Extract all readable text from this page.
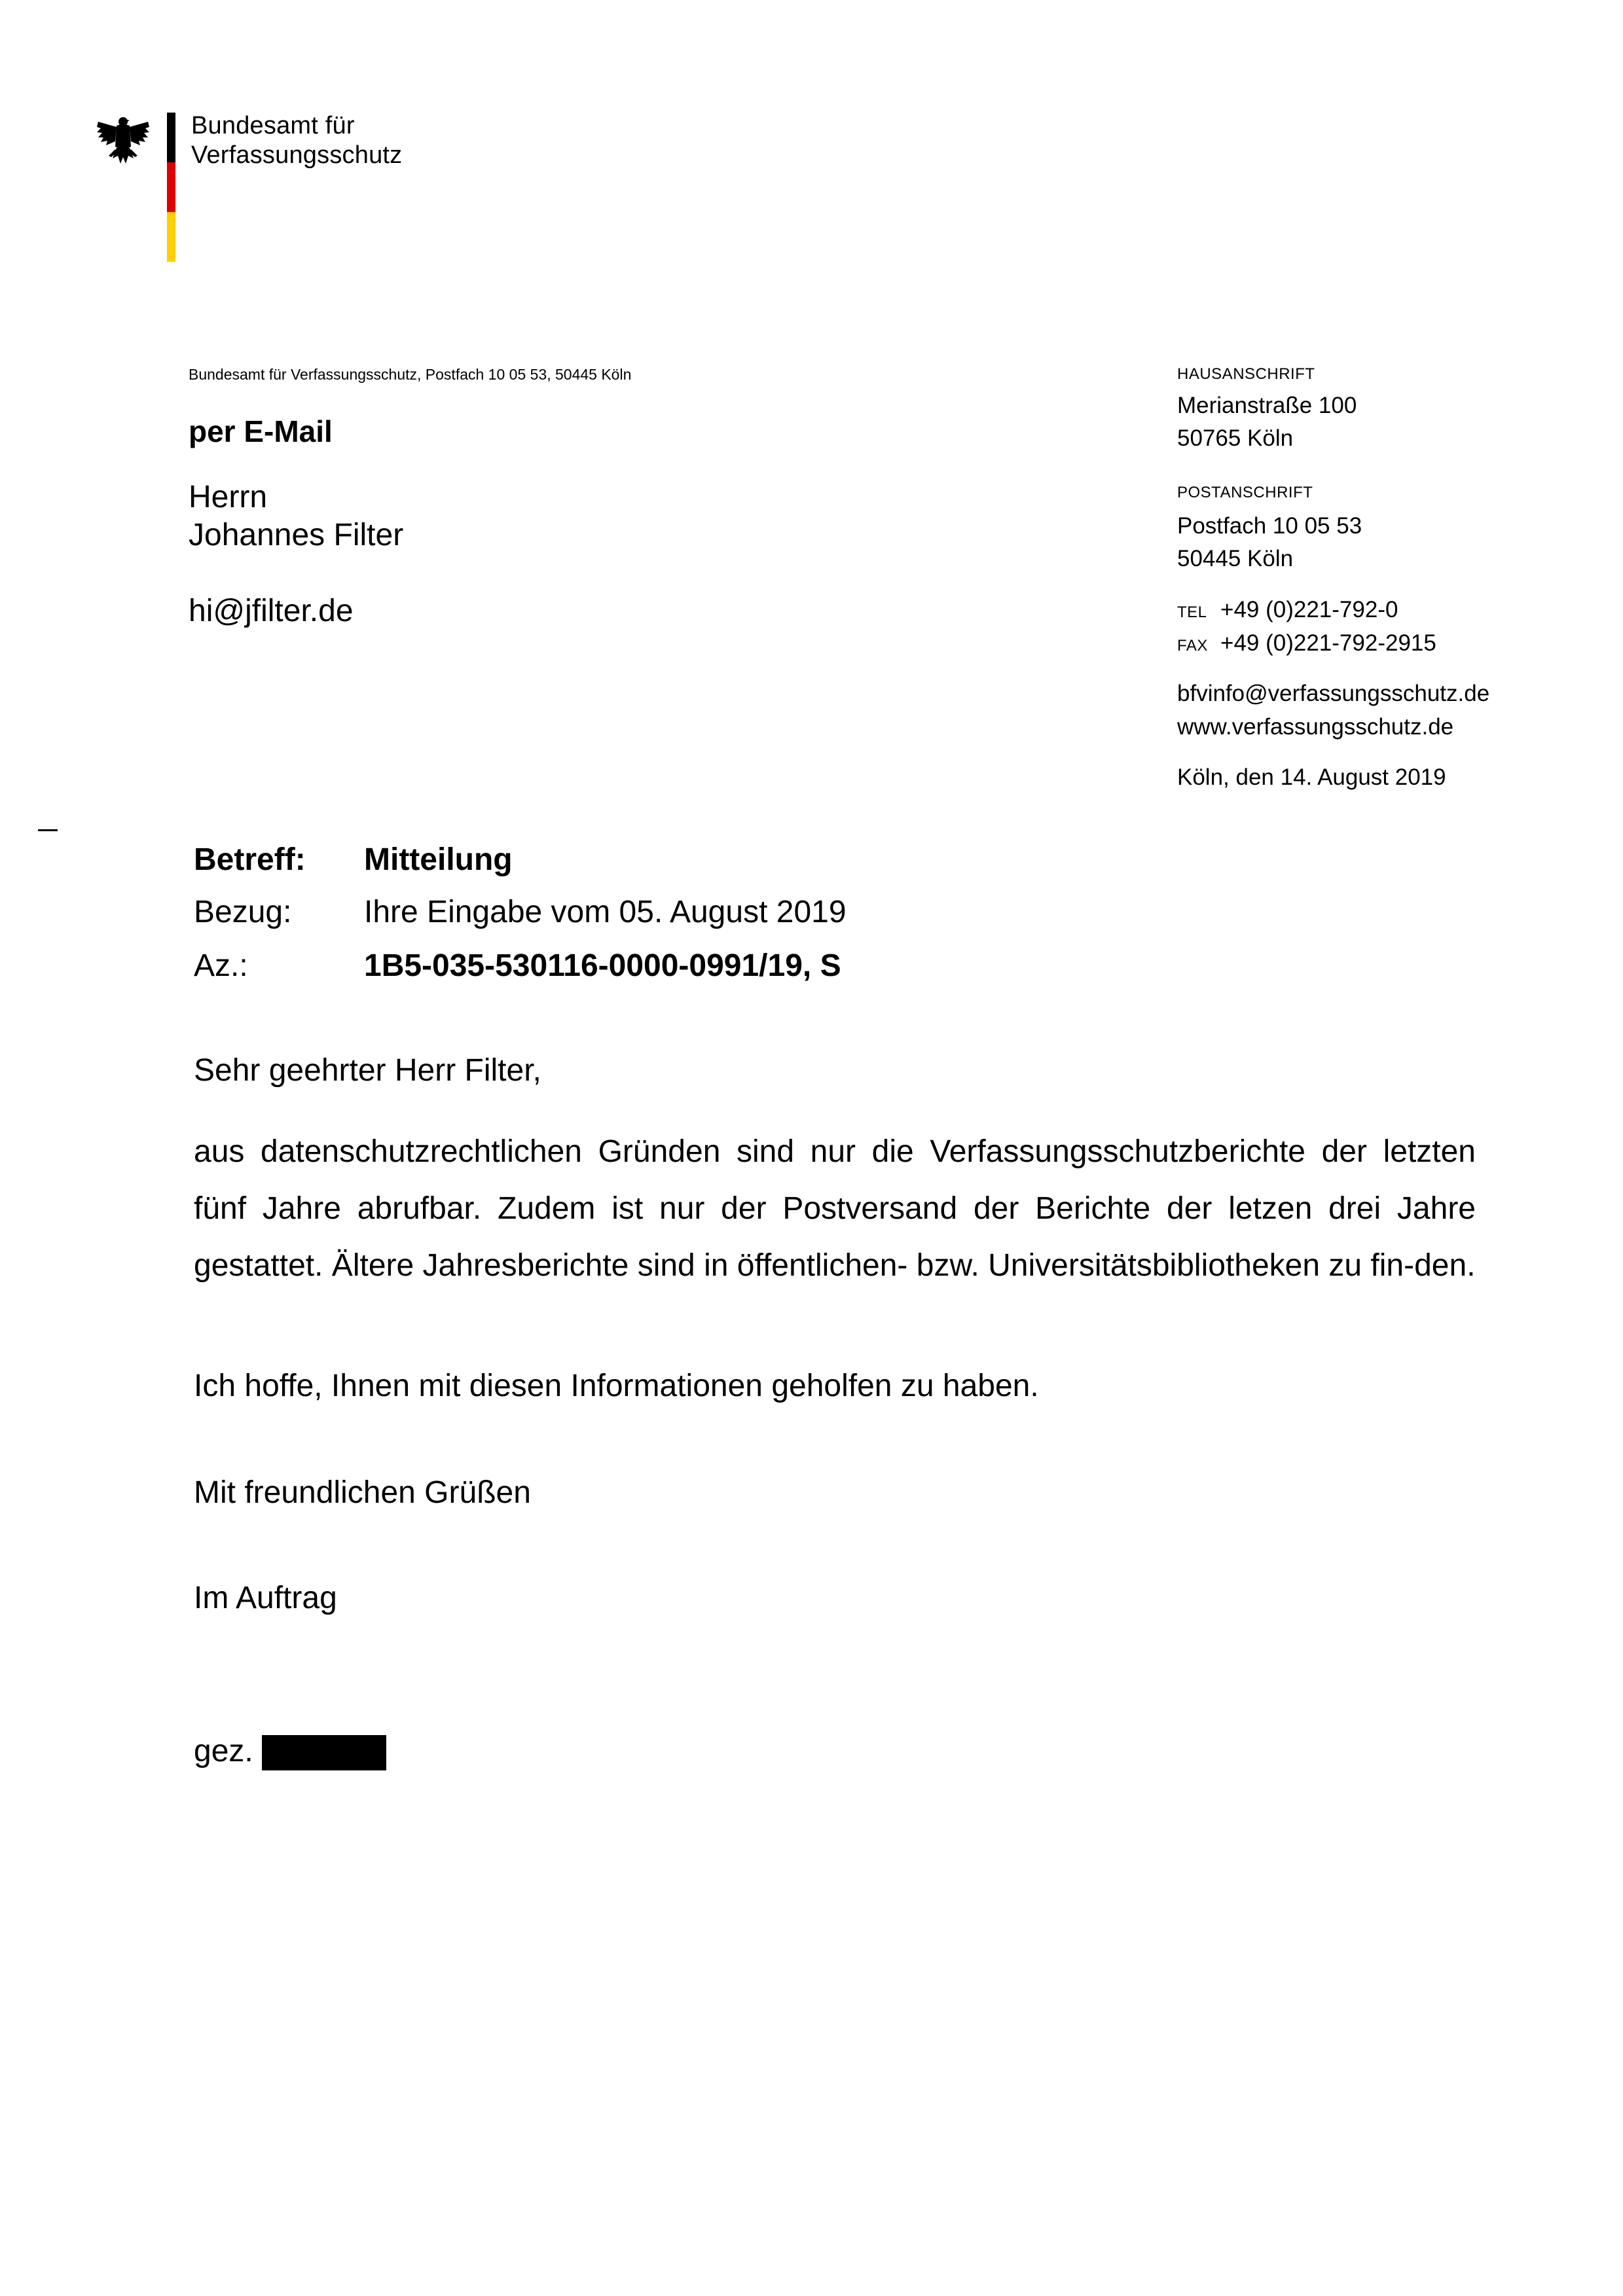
Bundesamt für
Verfassungsschutz
Bundesamt für Verfassungsschutz, Postfach 10 05 53, 50445 Köln
per E-Mail
Herrn
Johannes Filter
hi@jfilter.de
HAUSANSCHRIFT
Merianstraße 100
50765 Köln
POSTANSCHRIFT
Postfach 10 05 53
50445 Köln
TEL +49 (0)221-792-0
FAX +49 (0)221-792-2915
bfvinfo@verfassungsschutz.de
www.verfassungsschutz.de
Köln, den 14. August 2019
Betreff: Mitteilung
Bezug: Ihre Eingabe vom 05. August 2019
Az.:	1B5-035-530116-0000-0991/19, S
Sehr geehrter Herr Filter,
aus datenschutzrechtlichen Gründen sind nur die Verfassungsschutzberichte der letzten fünf Jahre abrufbar. Zudem ist nur der Postversand der Berichte der letzen drei Jahre gestattet. Ältere Jahresberichte sind in öffentlichen- bzw. Universitätsbibliotheken zu fin-den.
Ich hoffe, Ihnen mit diesen Informationen geholfen zu haben.
Mit freundlichen Grüßen
Im Auftrag
gez.
